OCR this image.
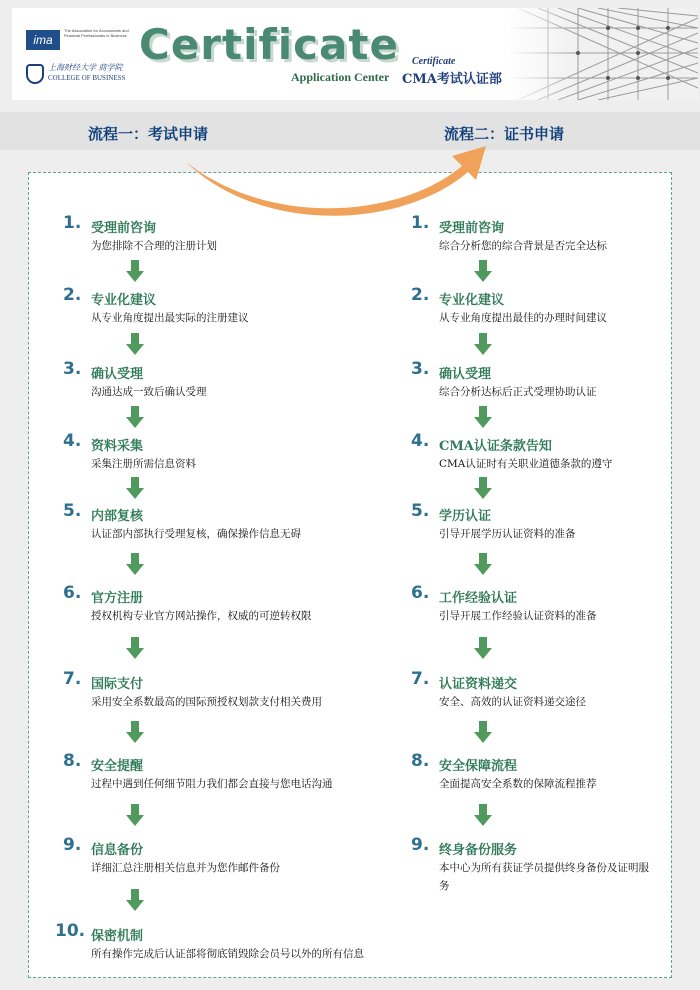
ima
The Association for Accountants and Financial Professionals in Business
上海财经大学 商学院
COLLEGE OF BUSINESS
Certificate
Application Center
Certificate
CMA考试认证部
流程一：考试申请	流程二：证书申请
1. 受理前咨询
为您排除不合理的注册计划
2. 专业化建议
从专业角度提出最实际的注册建议
3. 确认受理
沟通达成一致后确认受理
4. 资料采集
采集注册所需信息资料
5. 内部复核
认证部内部执行受理复核，确保操作信息无碍
6. 官方注册
授权机构专业官方网站操作，权威的可逆转权限
7. 国际支付
采用安全系数最高的国际预授权划款支付相关费用
8. 安全提醒
过程中遇到任何细节阻力我们都会直接与您电话沟通
9. 信息备份
详细汇总注册相关信息并为您作邮件备份
10. 保密机制
所有操作完成后认证部将彻底销毁除会员号以外的所有信息
1. 受理前咨询
综合分析您的综合背景是否完全达标
2. 专业化建议
从专业角度提出最佳的办理时间建议
3. 确认受理
综合分析达标后正式受理协助认证
4. CMA认证条款告知
CMA认证时有关职业道德条款的遵守
5. 学历认证
引导开展学历认证资料的准备
6. 工作经验认证
引导开展工作经验认证资料的准备
7. 认证资料递交
安全、高效的认证资料递交途径
8. 安全保障流程
全面提高安全系数的保障流程推荐
9. 终身备份服务
本中心为所有获证学员提供终身备份及证明服务
